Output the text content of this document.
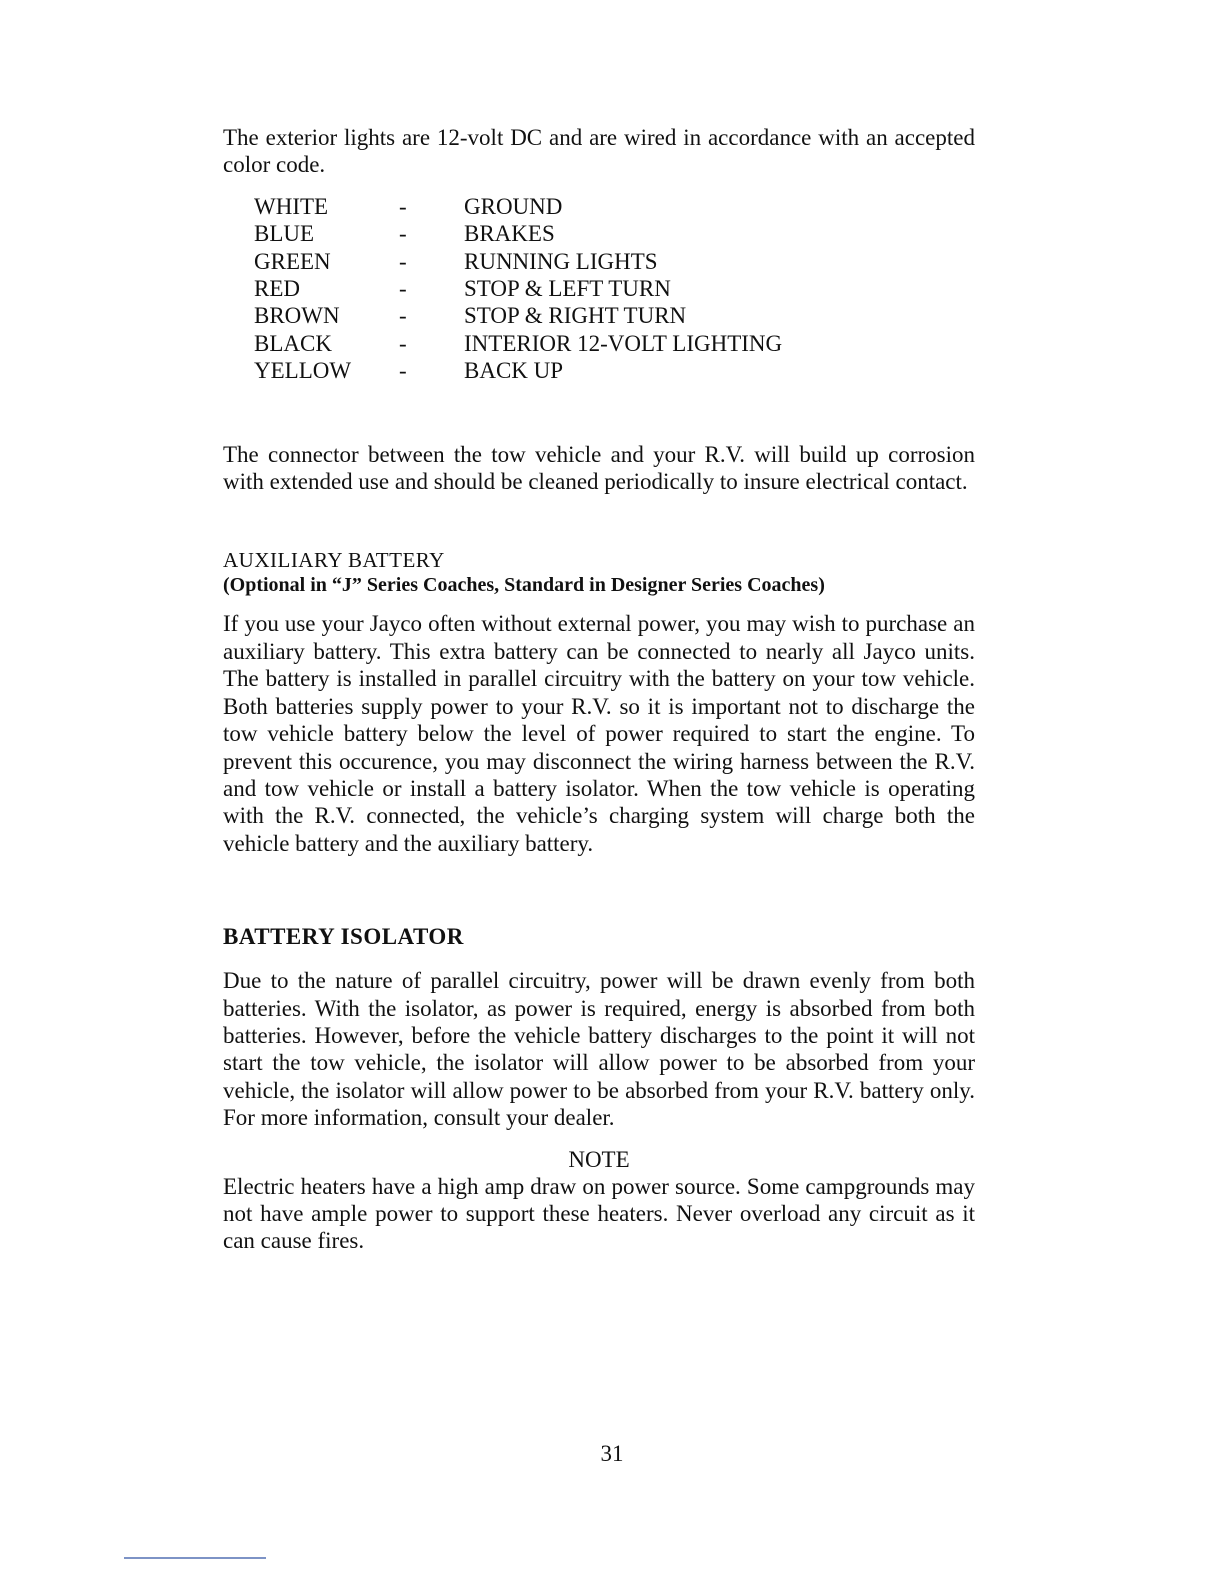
The exterior lights are 12-volt DC and are wired in accordance with an accepted color code.

WHITE	-	GROUND
BLUE	-	BRAKES
GREEN	-	RUNNING LIGHTS
RED	-	STOP & LEFT TURN
BROWN	-	STOP & RIGHT TURN
BLACK	-	INTERIOR 12-VOLT LIGHTING
YELLOW	-	BACK UP

The connector between the tow vehicle and your R.V. will build up corrosion with extended use and should be cleaned periodically to insure electrical contact.

AUXILIARY BATTERY
(Optional in “J” Series Coaches, Standard in Designer Series Coaches)

If you use your Jayco often without external power, you may wish to purchase an auxiliary battery. This extra battery can be connected to nearly all Jayco units. The battery is installed in parallel circuitry with the battery on your tow vehicle. Both batteries supply power to your R.V. so it is important not to discharge the tow vehicle battery below the level of power required to start the engine. To prevent this occurence, you may disconnect the wiring harness between the R.V. and tow vehicle or install a battery isolator. When the tow vehicle is operating with the R.V. connected, the vehicle’s charging system will charge both the vehicle battery and the auxiliary battery.

BATTERY ISOLATOR

Due to the nature of parallel circuitry, power will be drawn evenly from both batteries. With the isolator, as power is required, energy is absorbed from both batteries. However, before the vehicle battery discharges to the point it will not start the tow vehicle, the isolator will allow power to be absorbed from your vehicle, the isolator will allow power to be absorbed from your R.V. battery only. For more information, consult your dealer.

NOTE

Electric heaters have a high amp draw on power source. Some campgrounds may not have ample power to support these heaters. Never overload any circuit as it can cause fires.

31
